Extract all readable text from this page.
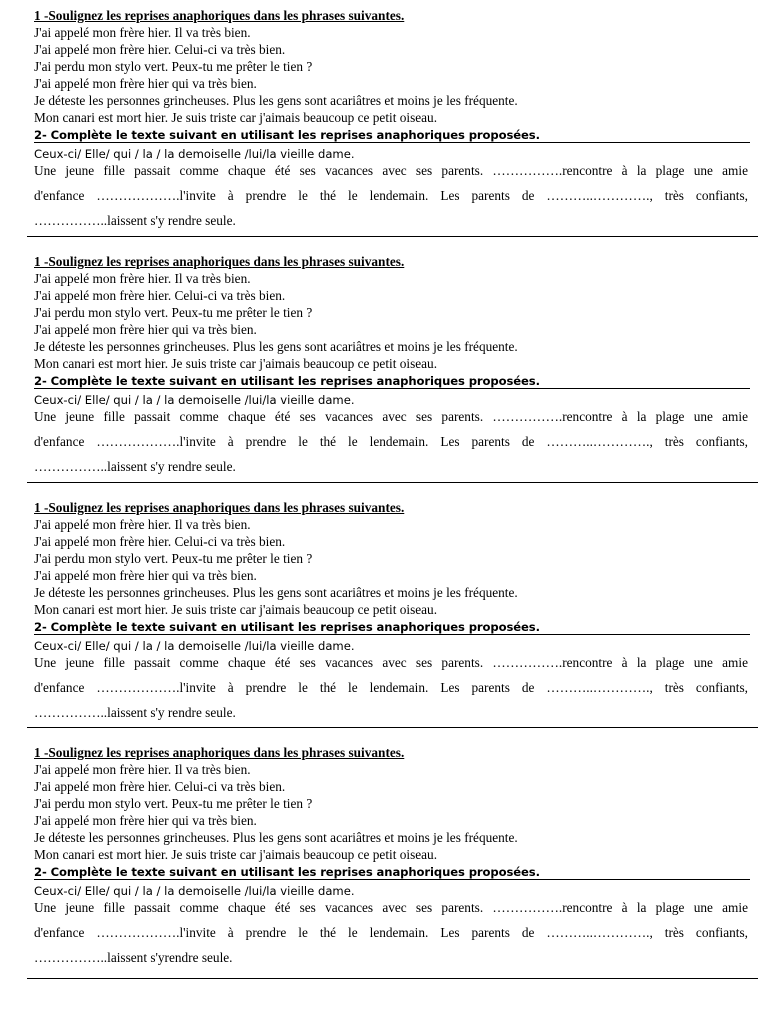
1 -Soulignez les reprises anaphoriques dans les phrases suivantes.
J'ai appelé mon frère hier. Il va très bien.
J'ai appelé mon frère hier. Celui-ci va très bien.
J'ai perdu mon stylo vert. Peux-tu me prêter le tien ?
J'ai appelé mon frère hier qui va très bien.
Je déteste les personnes grincheuses. Plus les gens sont acariâtres et moins je les fréquente.
Mon canari est mort hier. Je suis triste car j'aimais beaucoup ce petit oiseau.
2- Complète le texte suivant en utilisant les reprises anaphoriques proposées.
Ceux-ci/ Elle/ qui / la / la demoiselle /lui/la vieille dame.
Une jeune fille passait comme chaque été ses vacances avec ses parents. …………….rencontre à la plage une amie
d'enfance ……………….l'invite à prendre le thé le lendemain. Les parents de ………..…………., très confiants,
……………..laissent s'y rendre seule.
1 -Soulignez les reprises anaphoriques dans les phrases suivantes.
J'ai appelé mon frère hier. Il va très bien.
J'ai appelé mon frère hier. Celui-ci va très bien.
J'ai perdu mon stylo vert. Peux-tu me prêter le tien ?
J'ai appelé mon frère hier qui va très bien.
Je déteste les personnes grincheuses. Plus les gens sont acariâtres et moins je les fréquente.
Mon canari est mort hier. Je suis triste car j'aimais beaucoup ce petit oiseau.
2- Complète le texte suivant en utilisant les reprises anaphoriques proposées.
Ceux-ci/ Elle/ qui / la / la demoiselle /lui/la vieille dame.
Une jeune fille passait comme chaque été ses vacances avec ses parents. …………….rencontre à la plage une amie
d'enfance ……………….l'invite à prendre le thé le lendemain. Les parents de ………..…………., très confiants,
……………..laissent s'y rendre seule.
1 -Soulignez les reprises anaphoriques dans les phrases suivantes.
J'ai appelé mon frère hier. Il va très bien.
J'ai appelé mon frère hier. Celui-ci va très bien.
J'ai perdu mon stylo vert. Peux-tu me prêter le tien ?
J'ai appelé mon frère hier qui va très bien.
Je déteste les personnes grincheuses. Plus les gens sont acariâtres et moins je les fréquente.
Mon canari est mort hier. Je suis triste car j'aimais beaucoup ce petit oiseau.
2- Complète le texte suivant en utilisant les reprises anaphoriques proposées.
Ceux-ci/ Elle/ qui / la / la demoiselle /lui/la vieille dame.
Une jeune fille passait comme chaque été ses vacances avec ses parents. …………….rencontre à la plage une amie
d'enfance ……………….l'invite à prendre le thé le lendemain. Les parents de ………..…………., très confiants,
……………..laissent s'y rendre seule.
1 -Soulignez les reprises anaphoriques dans les phrases suivantes.
J'ai appelé mon frère hier. Il va très bien.
J'ai appelé mon frère hier. Celui-ci va très bien.
J'ai perdu mon stylo vert. Peux-tu me prêter le tien ?
J'ai appelé mon frère hier qui va très bien.
Je déteste les personnes grincheuses. Plus les gens sont acariâtres et moins je les fréquente.
Mon canari est mort hier. Je suis triste car j'aimais beaucoup ce petit oiseau.
2- Complète le texte suivant en utilisant les reprises anaphoriques proposées.
Ceux-ci/ Elle/ qui / la / la demoiselle /lui/la vieille dame.
Une jeune fille passait comme chaque été ses vacances avec ses parents. …………….rencontre à la plage une amie
d'enfance ……………….l'invite à prendre le thé le lendemain. Les parents de ………..…………., très confiants,
……………..laissent s'yrendre seule.
